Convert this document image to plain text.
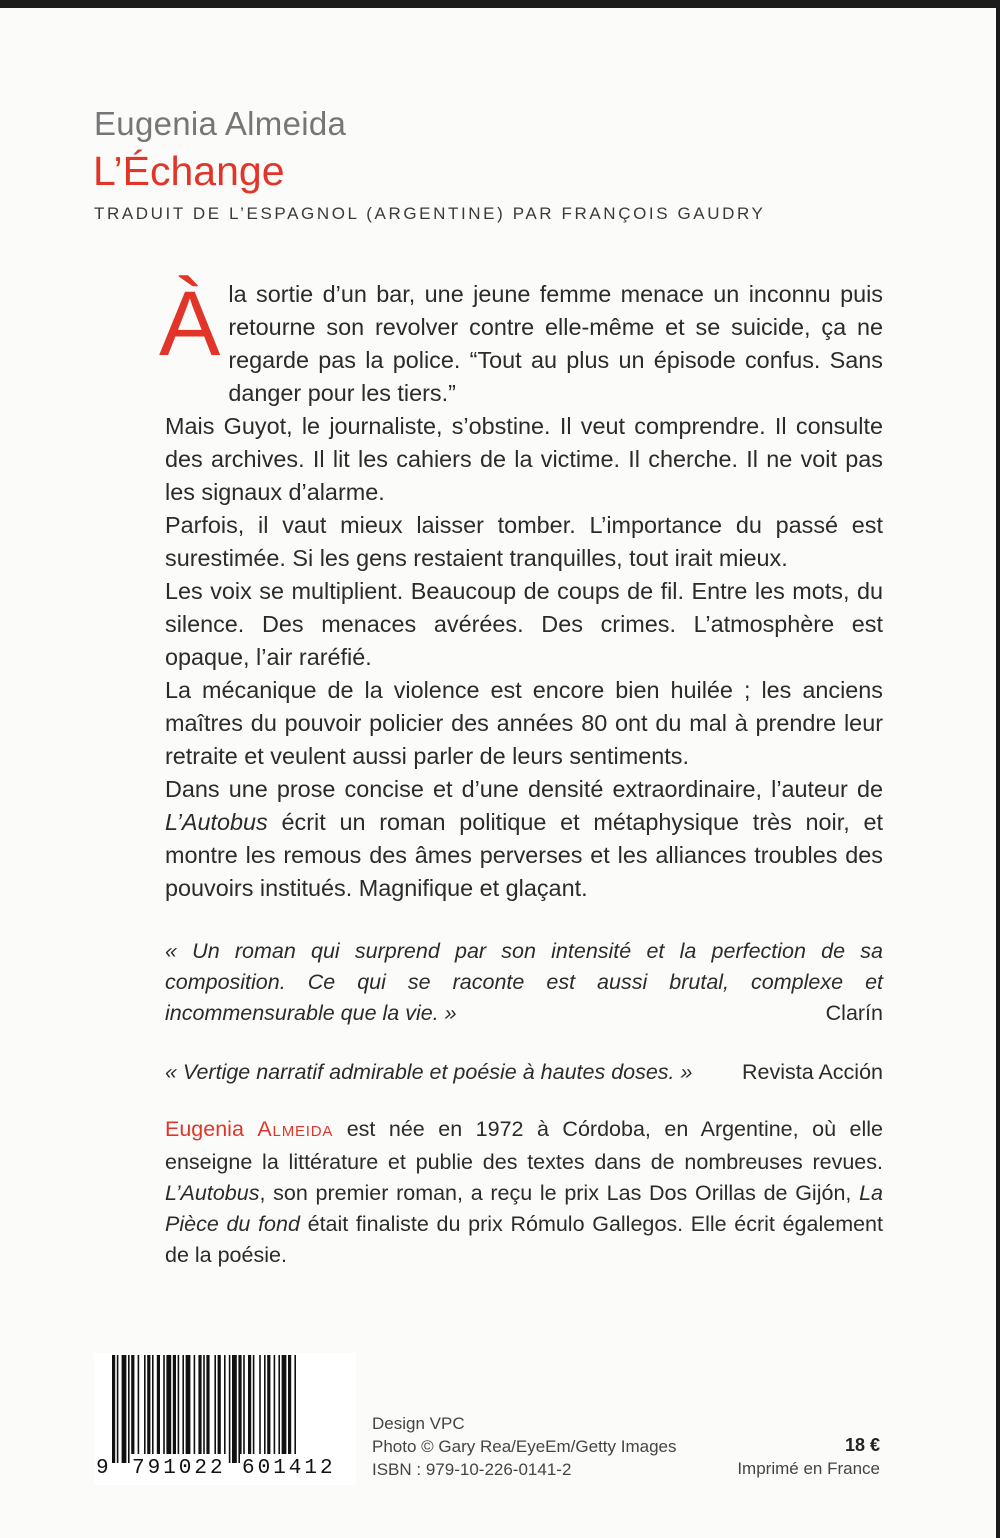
Eugenia Almeida
L’Échange
TRADUIT DE L’ESPAGNOL (ARGENTINE) PAR FRANÇOIS GAUDRY

Àla sortie d’un bar, une jeune femme menace un inconnu puis retourne son revolver contre elle-même et se suicide, ça ne regarde pas la police. “Tout au plus un épisode confus. Sans danger pour les tiers.”

Mais Guyot, le journaliste, s’obstine. Il veut comprendre. Il consulte des archives. Il lit les cahiers de la victime. Il cherche. Il ne voit pas les signaux d’alarme.

Parfois, il vaut mieux laisser tomber. L’importance du passé est surestimée. Si les gens restaient tranquilles, tout irait mieux.

Les voix se multiplient. Beaucoup de coups de fil. Entre les mots, du silence. Des menaces avérées. Des crimes. L’atmosphère est opaque, l’air raréfié.

La mécanique de la violence est encore bien huilée ; les anciens maîtres du pouvoir policier des années 80 ont du mal à prendre leur retraite et veulent aussi parler de leurs sentiments.

Dans une prose concise et d’une densité extraordinaire, l’auteur de L’Autobus écrit un roman politique et métaphysique très noir, et montre les remous des âmes perverses et les alliances troubles des pouvoirs institués. Magnifique et glaçant.

« Un roman qui surprend par son intensité et la perfection de sa composition. Ce qui se raconte est aussi brutal, complexe et incommensurable que la vie. »	Clarín
« Vertige narratif admirable et poésie à hautes doses. » Revista Acción
Eugenia ALMEIDA est née en 1972 à Córdoba, en Argentine, où elle enseigne la littérature et publie des textes dans de nombreuses revues. L’Autobus, son premier roman, a reçu le prix Las Dos Orillas de Gijón, La Pièce du fond était finaliste du prix Rómulo Gallegos. Elle écrit également de la poésie.
9 791022 601412
Design VPC
Photo © Gary Rea/EyeEm/Getty Images
ISBN : 979-10-226-0141-2
18 €
Imprimé en France
